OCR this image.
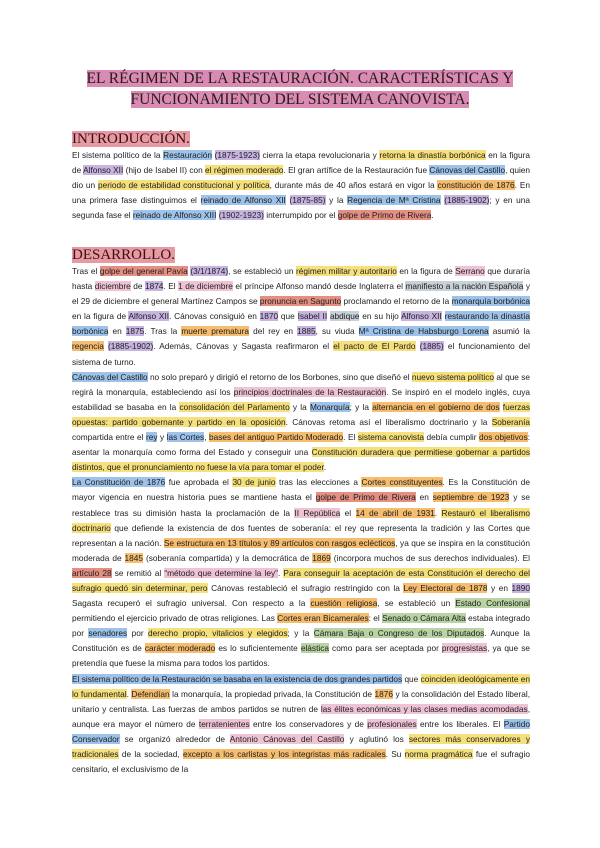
EL RÉGIMEN DE LA RESTAURACIÓN. CARACTERÍSTICAS Y
FUNCIONAMIENTO DEL SISTEMA CANOVISTA.
INTRODUCCIÓN.

El sistema político de la Restauración (1875-1923) cierra la etapa revolucionaria y retorna la dinastía borbónica en la figura de Alfonso XII (hijo de Isabel II) con el régimen moderado. El gran artífice de la Restauración fue Cánovas del Castillo, quien dio un periodo de estabilidad constitucional y política, durante más de 40 años estará en vigor la constitución de 1876. En una primera fase distinguimos el reinado de Alfonso XII (1875-85) y la Regencia de Mª Cristina (1885-1902); y en una segunda fase el reinado de Alfonso XIII (1902-1923) interrumpido por el golpe de Primo de Rivera.

DESARROLLO.

Tras el golpe del general Pavía (3/1/1874), se estableció un régimen militar y autoritario en la figura de Serrano que duraría hasta diciembre de 1874. El 1 de diciembre el príncipe Alfonso mandó desde Inglaterra el manifiesto a la nación Española y el 29 de diciembre el general Martínez Campos se pronuncia en Saguntо proclamando el retorno de la monarquía borbónica en la figura de Alfonso XII. Cánovas consiguió en 1870 que Isabel II abdique en su hijo Alfonso XII restaurando la dinastía borbónica en 1875. Tras la muerte prematura del rey en 1885, su viuda Mª Cristina de Habsburgo Lorena asumió la regencia (1885-1902). Además, Cánovas y Sagasta reafirmaron el el pacto de El Pardo (1885) el funcionamiento del sistema de turno.

Cánovas del Castillo no solo preparó y dirigió el retorno de los Borbones, sino que diseñó el nuevo sistema político al que se regirá la monarquía, estableciendo así los principios doctrinales de la Restauración. Se inspiró en el modelo inglés, cuya estabilidad se basaba en la consolidación del Parlamento y la Monarquía; y la alternancia en el gobierno de dos fuerzas opuestas: partido gobernante y partido en la oposición. Cánovas retoma así el liberalismo doctrinario y la Soberanía compartida entre el rey y las Cortes, bases del antiguo Partido Moderado. El sistema canovista debía cumplir dos objetivos: asentar la monarquía como forma del Estado y conseguir una Constitución duradera que permitiese gobernar a partidos distintos, que el pronunciamiento no fuese la vía para tomar el poder.

La Constitución de 1876 fue aprobada el 30 de junio tras las elecciones a Cortes constituyentes. Es la Constitución de mayor vigencia en nuestra historia pues se mantiene hasta el golpe de Primo de Rivera en septiembre de 1923 y se restablece tras su dimisión hasta la proclamación de la II República el 14 de abril de 1931. Restauró el liberalismo doctrinario que defiende la existencia de dos fuentes de soberanía: el rey que representa la tradición y las Cortes que representan a la nación. Se estructura en 13 títulos y 89 artículos con rasgos eclécticos, ya que se inspira en la constitución moderada de 1845 (soberanía compartida) y la democrática de 1869 (incorpora muchos de sus derechos individuales). El artículo 28 se remitió al “método que determine la ley”. Para conseguir la aceptación de esta Constitución el derecho del sufragio quedó sin determinar, pero Cánovas restableció el sufragio restringido con la Ley Electoral de 1878 y en 1890 Sagasta recuperó el sufragio universal. Con respecto a la cuestión religiosa, se estableció un Estado Confesional permitiendo el ejercicio privado de otras religiones. Las Cortes eran Bicamerales: el Senado o Cámara Alta estaba integrado por senadores por derecho propio, vitalicios y elegidos; y la Cámara Baja o Congreso de los Diputados. Aunque la Constitución es de carácter moderado es lo suficientemente elástica como para ser aceptada por progresistas, ya que se pretendía que fuese la misma para todos los partidos.

El sistema político de la Restauración se basaba en la existencia de dos grandes partidos que coinciden ideológicamente en lo fundamental. Defendían la monarquía, la propiedad privada, la Constitución de 1876 y la consolidación del Estado liberal, unitario y centralista. Las fuerzas de ambos partidos se nutren de las élites económicas y las clases medias acomodadas, aunque era mayor el número de terratenientes entre los conservadores y de profesionales entre los liberales. El Partido Conservador se organizó alrededor de Antonio Cánovas del Castillo y aglutinó los sectores más conservadores y tradicionales de la sociedad, excepto a los carlistas y los integristas más radicales. Su norma pragmática fue el sufragio censitario, el exclusivismo de la
